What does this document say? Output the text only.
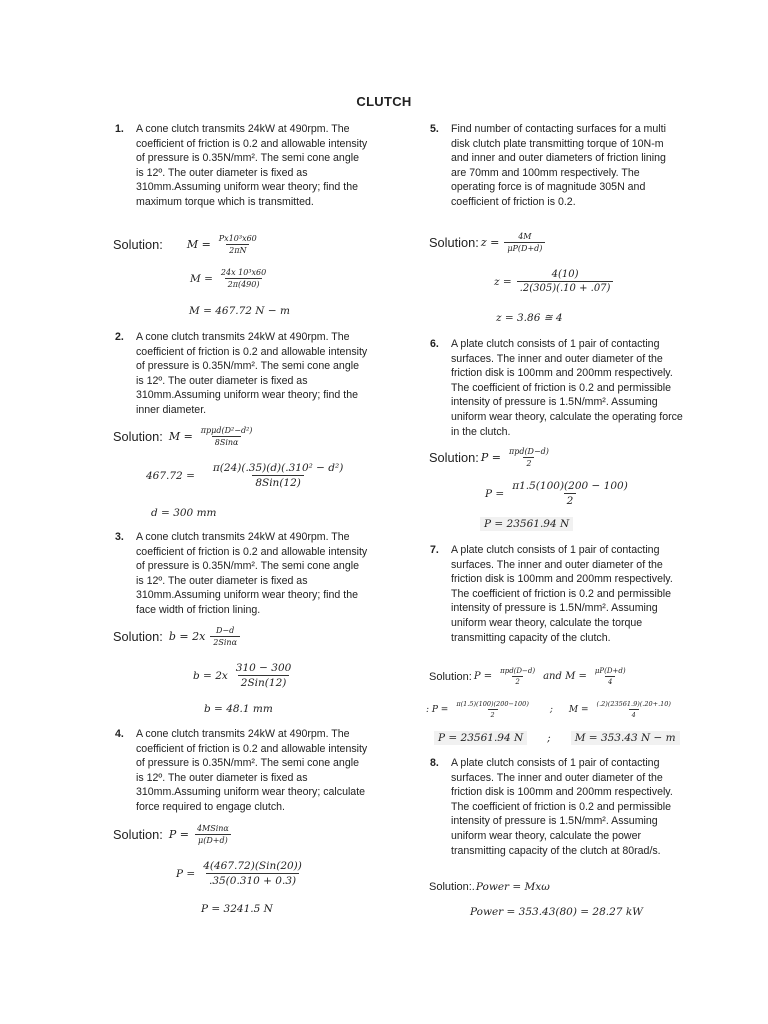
CLUTCH
1. A cone clutch transmits 24kW at 490rpm. The coefficient of friction is 0.2 and allowable intensity of pressure is 0.35N/mm². The semi cone angle is 12º. The outer diameter is fixed as 310mm.Assuming uniform wear theory; find the maximum torque which is transmitted.
Solution: $M = \frac{\text{Px10³x60}}{2\pi N}$
$M = \frac{\text{24x 10³x60}}{2\pi(490)}$
M = 467.72 N − m
2. A cone clutch transmits 24kW at 490rpm. The coefficient of friction is 0.2 and allowable intensity of pressure is 0.35N/mm². The semi cone angle is 12º. The outer diameter is fixed as 310mm.Assuming uniform wear theory; find the inner diameter.
Solution: $M = \frac{\text{πpμd(D²−d²)}}{\text{8Sinα}}$
$467.72 = \frac{\text{π(24)(.35)(d)(.310² − d²)}}{\text{8Sin(12)}}$
d = 300 mm
3. A cone clutch transmits 24kW at 490rpm. The coefficient of friction is 0.2 and allowable intensity of pressure is 0.35N/mm². The semi cone angle is 12º. The outer diameter is fixed as 310mm.Assuming uniform wear theory; find the face width of friction lining.
Solution: $b = 2x \frac{D-d}{\text{2Sinα}}$
$b = 2x \frac{310 - 300}{\text{2Sin(12)}}$
b = 48.1 mm
4. A cone clutch transmits 24kW at 490rpm. The coefficient of friction is 0.2 and allowable intensity of pressure is 0.35N/mm². The semi cone angle is 12º. The outer diameter is fixed as 310mm.Assuming uniform wear theory; calculate force required to engage clutch.
Solution: $P = \frac{\text{4MSinα}}{\mu(D+d)}$
$P = \frac{\text{4(467.72)(Sin(20))}}{.35(0.310 + 0.3)}$
P = 3241.5 N
5. Find number of contacting surfaces for a multi disk clutch plate transmitting torque of 10N-m and inner and outer diameters of friction lining are 70mm and 100mm respectively. The operating force is of magnitude 305N and coefficient of friction is 0.2.
Solution: $z = \frac{4M}{\mu P(D+d)}$
$z = \frac{4(10)}{.2(305)(.10 + .07)}$
z = 3.86 ≅ 4
6. A plate clutch consists of 1 pair of contacting surfaces. The inner and outer diameter of the friction disk is 100mm and 200mm respectively. The coefficient of friction is 0.2 and permissible intensity of pressure is 1.5N/mm². Assuming uniform wear theory, calculate the operating force in the clutch.
Solution: $P = \frac{\text{πpd(D−d)}}{2}$
$P = \frac{\pi 1.5(100)(200 - 100)}{2}$
P = 23561.94 N
7. A plate clutch consists of 1 pair of contacting surfaces. The inner and outer diameter of the friction disk is 100mm and 200mm respectively. The coefficient of friction is 0.2 and permissible intensity of pressure is 1.5N/mm². Assuming uniform wear theory, calculate the torque transmitting capacity of the clutch.
Solution: $P = \frac{\text{πpd(D−d)}}{2}$ and $M = \frac{\mu P(D+d)}{4}$
: $P = \frac{\pi(1.5)(100)(200-100)}{2}$ ; $M = \frac{(.2)(23561.9)(.20+.10)}{4}$
P = 23561.94 N	;	M = 353.43 N − m
8. A plate clutch consists of 1 pair of contacting surfaces. The inner and outer diameter of the friction disk is 100mm and 200mm respectively. The coefficient of friction is 0.2 and permissible intensity of pressure is 1.5N/mm². Assuming uniform wear theory, calculate the power transmitting capacity of the clutch at 80rad/s.
Solution:. Power = Mxω
Power = 353.43(80) = 28.27 kW
